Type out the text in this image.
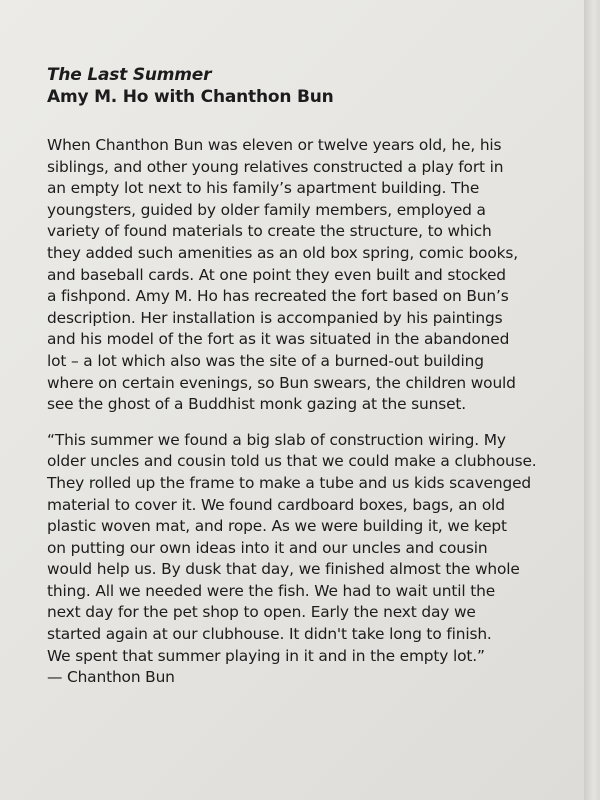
The Last Summer

Amy M. Ho with Chanthon Bun

When Chanthon Bun was eleven or twelve years old, he, his
siblings, and other young relatives constructed a play fort in
an empty lot next to his family’s apartment building. The
youngsters, guided by older family members, employed a
variety of found materials to create the structure, to which
they added such amenities as an old box spring, comic books,
and baseball cards. At one point they even built and stocked
a fishpond. Amy M. Ho has recreated the fort based on Bun’s
description. Her installation is accompanied by his paintings
and his model of the fort as it was situated in the abandoned
lot – a lot which also was the site of a burned-out building
where on certain evenings, so Bun swears, the children would
see the ghost of a Buddhist monk gazing at the sunset.

“This summer we found a big slab of construction wiring. My
older uncles and cousin told us that we could make a clubhouse.
They rolled up the frame to make a tube and us kids scavenged
material to cover it. We found cardboard boxes, bags, an old
plastic woven mat, and rope. As we were building it, we kept
on putting our own ideas into it and our uncles and cousin
would help us. By dusk that day, we finished almost the whole
thing. All we needed were the fish. We had to wait until the
next day for the pet shop to open. Early the next day we
started again at our clubhouse. It didn't take long to finish.
We spent that summer playing in it and in the empty lot.”

— Chanthon Bun
